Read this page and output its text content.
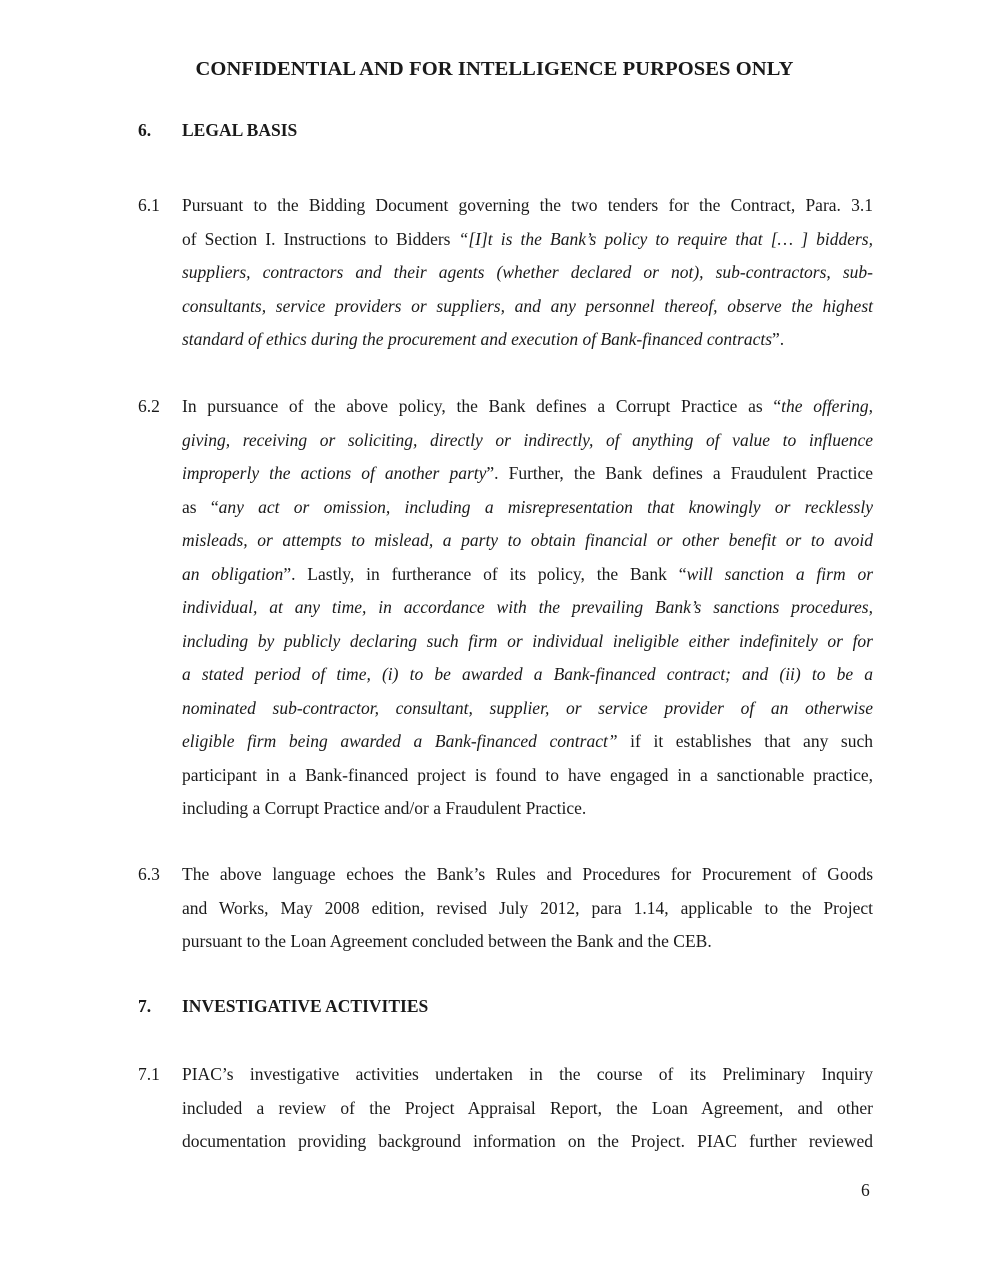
CONFIDENTIAL AND FOR INTELLIGENCE PURPOSES ONLY
6. LEGAL BASIS
6.1 Pursuant to the Bidding Document governing the two tenders for the Contract, Para. 3.1
of Section I. Instructions to Bidders “[I]t is the Bank’s policy to require that [… ] bidders,
suppliers, contractors and their agents (whether declared or not), sub-contractors, sub-
consultants, service providers or suppliers, and any personnel thereof, observe the highest
standard of ethics during the procurement and execution of Bank-financed contracts”.
6.2 In pursuance of the above policy, the Bank defines a Corrupt Practice as “the offering,
giving, receiving or soliciting, directly or indirectly, of anything of value to influence
improperly the actions of another party”. Further, the Bank defines a Fraudulent Practice
as “any act or omission, including a misrepresentation that knowingly or recklessly
misleads, or attempts to mislead, a party to obtain financial or other benefit or to avoid
an obligation”. Lastly, in furtherance of its policy, the Bank “will sanction a firm or
individual, at any time, in accordance with the prevailing Bank’s sanctions procedures,
including by publicly declaring such firm or individual ineligible either indefinitely or for
a stated period of time, (i) to be awarded a Bank-financed contract; and (ii) to be a
nominated sub-contractor, consultant, supplier, or service provider of an otherwise
eligible firm being awarded a Bank-financed contract” if it establishes that any such
participant in a Bank-financed project is found to have engaged in a sanctionable practice,
including a Corrupt Practice and/or a Fraudulent Practice.
6.3 The above language echoes the Bank’s Rules and Procedures for Procurement of Goods
and Works, May 2008 edition, revised July 2012, para 1.14, applicable to the Project
pursuant to the Loan Agreement concluded between the Bank and the CEB.
7. INVESTIGATIVE ACTIVITIES
7.1 PIAC’s investigative activities undertaken in the course of its Preliminary Inquiry
included a review of the Project Appraisal Report, the Loan Agreement, and other
documentation providing background information on the Project. PIAC further reviewed
6
